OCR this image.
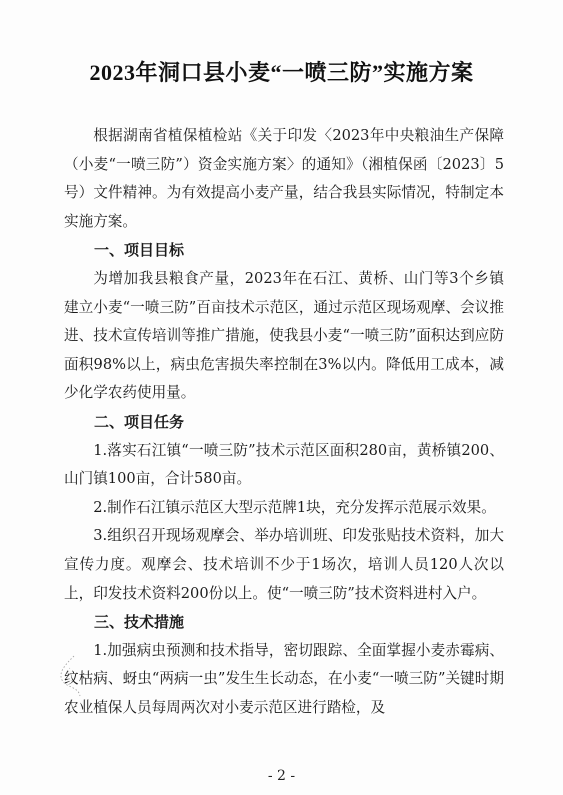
2023年洞口县小麦“一喷三防”实施方案

根据湖南省植保植检站《关于印发〈2023年中央粮油生产保障（小麦“一喷三防”）资金实施方案〉的通知》（湘植保函〔2023〕5号）文件精神。为有效提高小麦产量，结合我县实际情况，特制定本实施方案。

一、项目目标

为增加我县粮食产量，2023年在石江、黄桥、山门等3个乡镇建立小麦“一喷三防”百亩技术示范区，通过示范区现场观摩、会议推进、技术宣传培训等推广措施，使我县小麦“一喷三防”面积达到应防面积98%以上，病虫危害损失率控制在3%以内。降低用工成本，减少化学农药使用量。

二、项目任务

1.落实石江镇“一喷三防”技术示范区面积280亩，黄桥镇200、山门镇100亩，合计580亩。

2.制作石江镇示范区大型示范牌1块，充分发挥示范展示效果。

3.组织召开现场观摩会、举办培训班、印发张贴技术资料，加大宣传力度。观摩会、技术培训不少于1场次，培训人员120人次以上，印发技术资料200份以上。使“一喷三防”技术资料进村入户。

三、技术措施

1.加强病虫预测和技术指导，密切跟踪、全面掌握小麦赤霉病、纹枯病、蚜虫“两病一虫”发生生长动态，在小麦“一喷三防”关键时期农业植保人员每周两次对小麦示范区进行踏检，及

- 2 -
